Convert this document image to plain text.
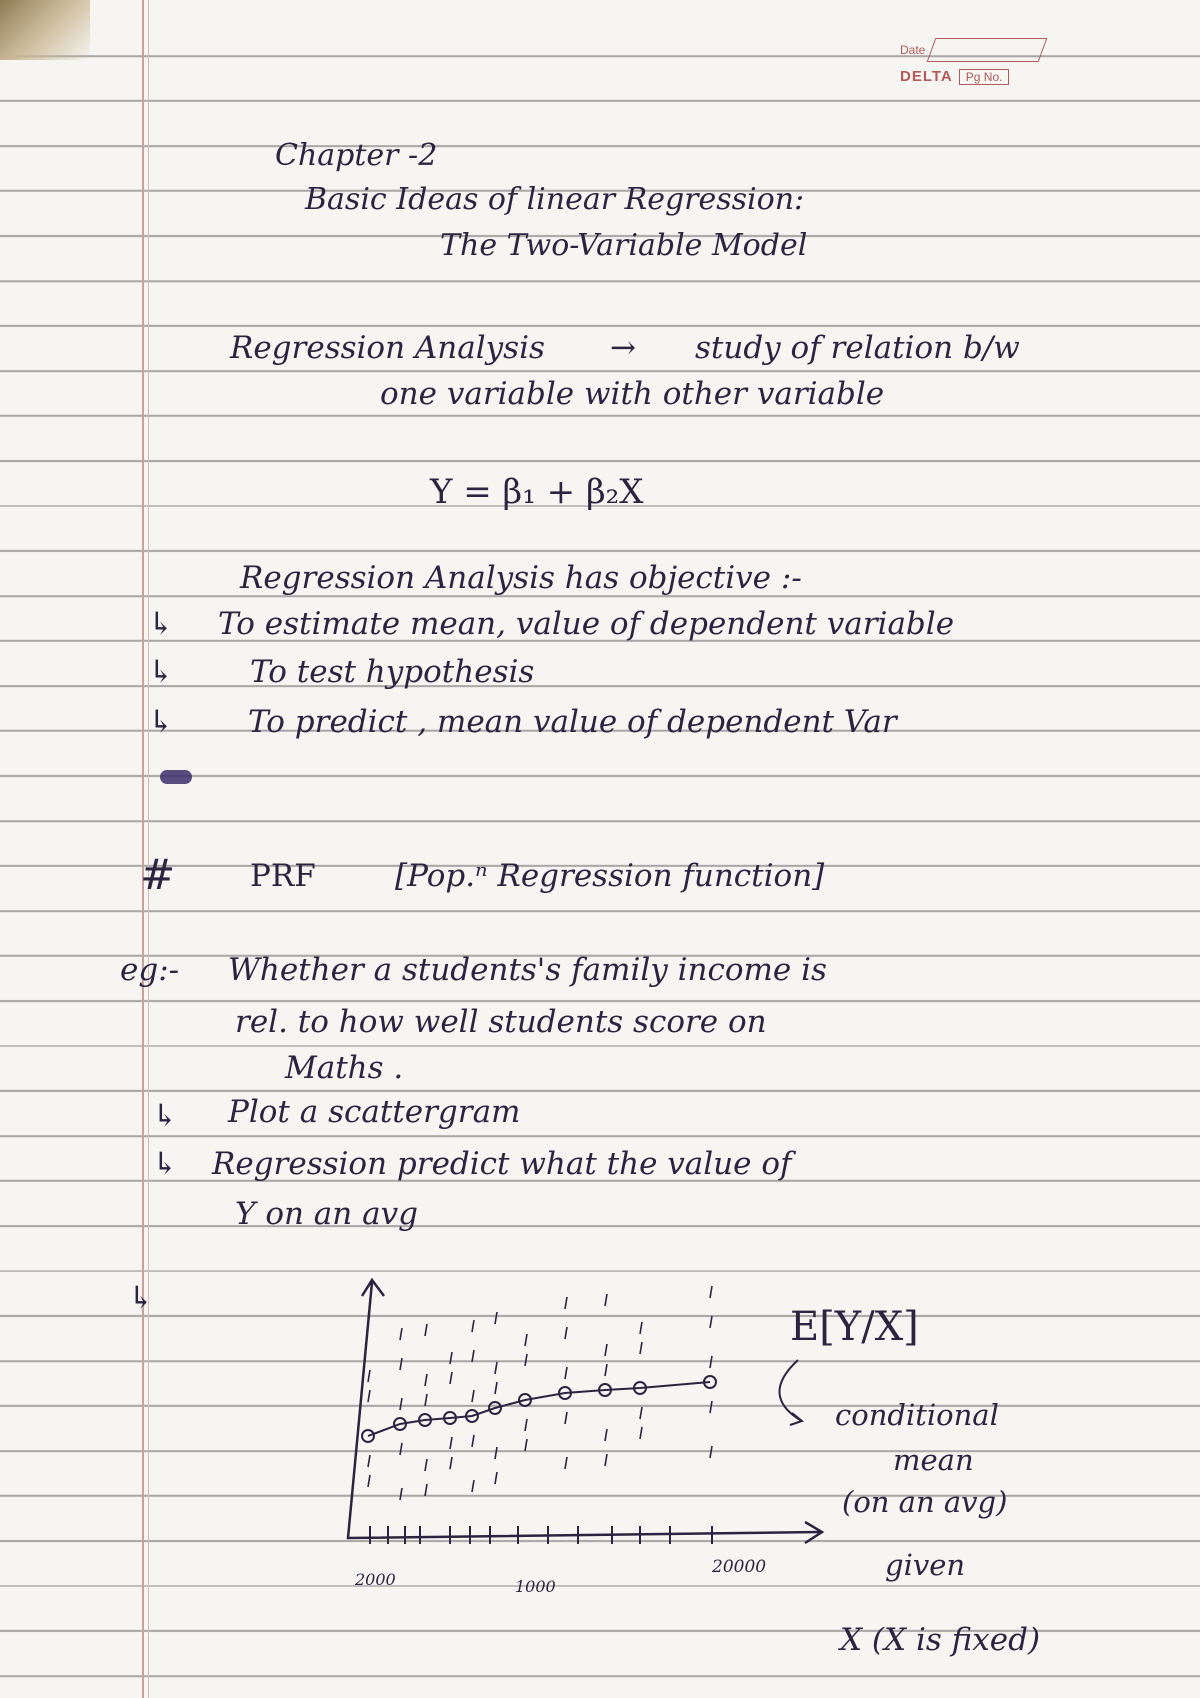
Date
DELTA Pg No.
Chapter -2
Basic Ideas of linear Regression:
The Two-Variable Model
Regression Analysis → study of relation b/w
one variable with other variable
Y = β₁ + β₂X
Regression Analysis has objective :-
↳ To estimate mean, value of dependent variable
↳ To test hypothesis
↳ To predict , mean value of dependent Var
# PRF	[Pop.ⁿ Regression function]
eg:- Whether a students's family income is
rel. to how well students score on
Maths .
↳ Plot a scattergram
↳ Regression predict what the value of
Y on an avg
↳
2000	1000
20000
E[Y/X]
conditional
mean
(on an avg)
given
X (X is fixed)
